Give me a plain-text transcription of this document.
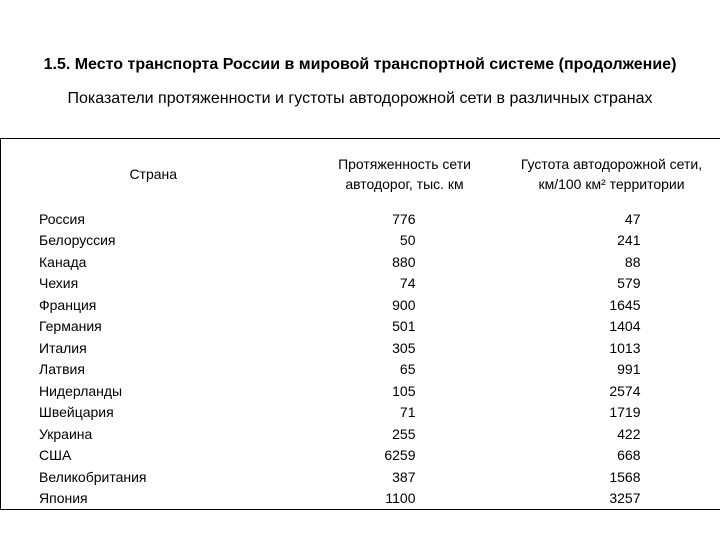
1.5. Место транспорта России в мировой транспортной системе (продолжение)
Показатели протяженности и густоты автодорожной сети в различных странах
Страна	Протяженность сети автодорог, тыс. км	Густота автодорожной сети, км/100 км² территории
Россия	776	47
Белоруссия	50	241
Канада	880	88
Чехия	74	579
Франция	900	1645
Германия	501	1404
Италия	305	1013
Латвия	65	991
Нидерланды	105	2574
Швейцария	71	1719
Украина	255	422
США	6259	668
Великобритания	387	1568
Япония	1100	3257
